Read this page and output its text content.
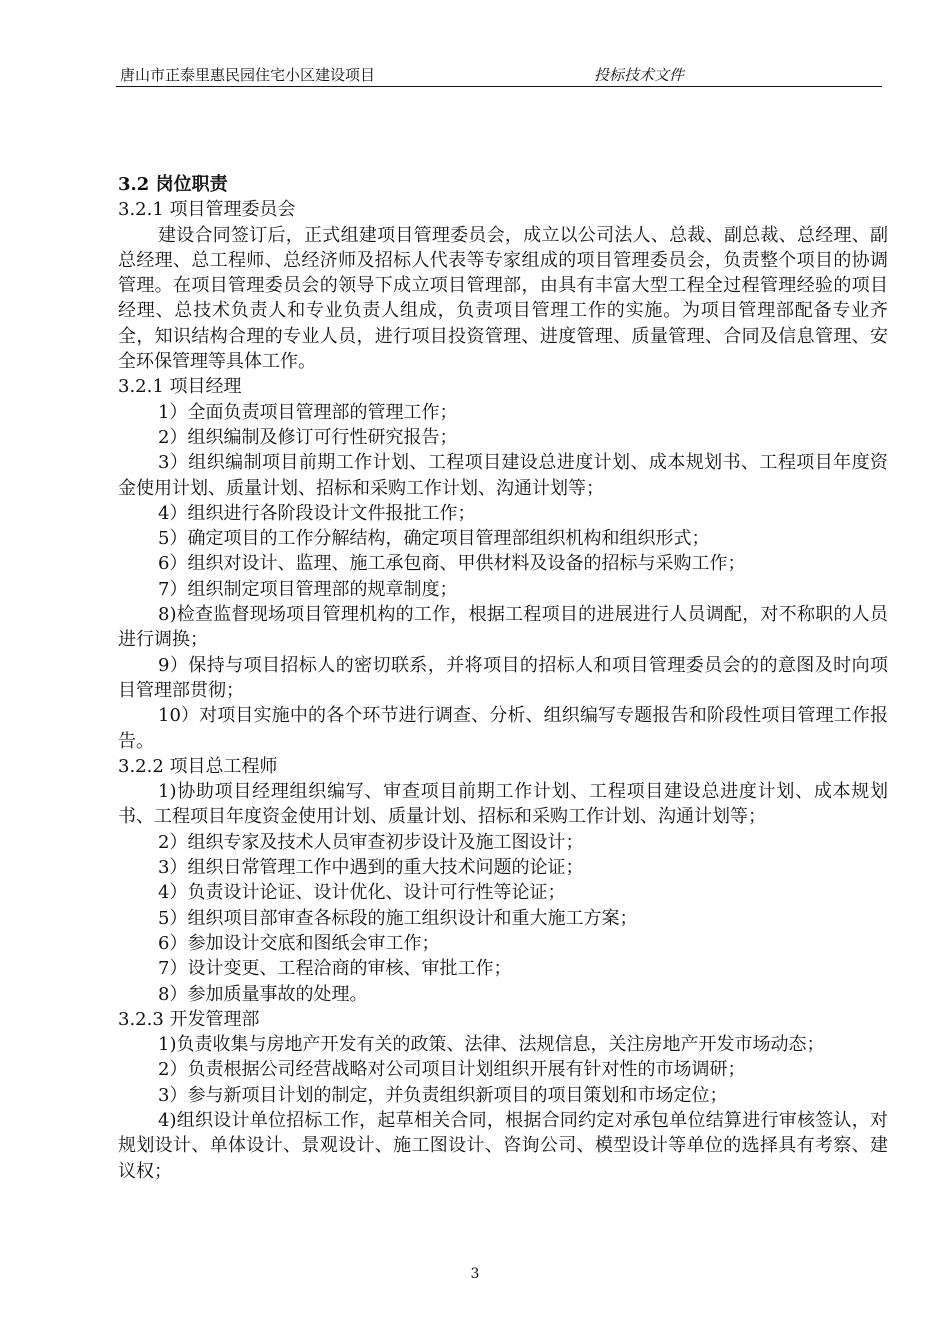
唐山市正泰里惠民园住宅小区建设项目	投标技术文件

3.2 岗位职责

3.2.1 项目管理委员会

建设合同签订后，正式组建项目管理委员会，成立以公司法人、总裁、副总裁、总经理、副总经理、总工程师、总经济师及招标人代表等专家组成的项目管理委员会，负责整个项目的协调管理。在项目管理委员会的领导下成立项目管理部，由具有丰富大型工程全过程管理经验的项目经理、总技术负责人和专业负责人组成，负责项目管理工作的实施。为项目管理部配备专业齐全，知识结构合理的专业人员，进行项目投资管理、进度管理、质量管理、合同及信息管理、安全环保管理等具体工作。

3.2.1 项目经理

1）全面负责项目管理部的管理工作；

2）组织编制及修订可行性研究报告；

3）组织编制项目前期工作计划、工程项目建设总进度计划、成本规划书、工程项目年度资金使用计划、质量计划、招标和采购工作计划、沟通计划等；

4）组织进行各阶段设计文件报批工作；

5）确定项目的工作分解结构，确定项目管理部组织机构和组织形式；

6）组织对设计、监理、施工承包商、甲供材料及设备的招标与采购工作；

7）组织制定项目管理部的规章制度；

8)检查监督现场项目管理机构的工作，根据工程项目的进展进行人员调配，对不称职的人员进行调换；

9）保持与项目招标人的密切联系，并将项目的招标人和项目管理委员会的的意图及时向项目管理部贯彻；

10）对项目实施中的各个环节进行调查、分析、组织编写专题报告和阶段性项目管理工作报告。

3.2.2 项目总工程师

1)协助项目经理组织编写、审查项目前期工作计划、工程项目建设总进度计划、成本规划书、工程项目年度资金使用计划、质量计划、招标和采购工作计划、沟通计划等；

2）组织专家及技术人员审查初步设计及施工图设计；

3）组织日常管理工作中遇到的重大技术问题的论证；

4）负责设计论证、设计优化、设计可行性等论证；

5）组织项目部审查各标段的施工组织设计和重大施工方案；

6）参加设计交底和图纸会审工作；

7）设计变更、工程洽商的审核、审批工作；

8）参加质量事故的处理。

3.2.3 开发管理部

1)负责收集与房地产开发有关的政策、法律、法规信息，关注房地产开发市场动态；

2）负责根据公司经营战略对公司项目计划组织开展有针对性的市场调研；

3）参与新项目计划的制定，并负责组织新项目的项目策划和市场定位；

4)组织设计单位招标工作，起草相关合同，根据合同约定对承包单位结算进行审核签认，对规划设计、单体设计、景观设计、施工图设计、咨询公司、模型设计等单位的选择具有考察、建议权；

3
